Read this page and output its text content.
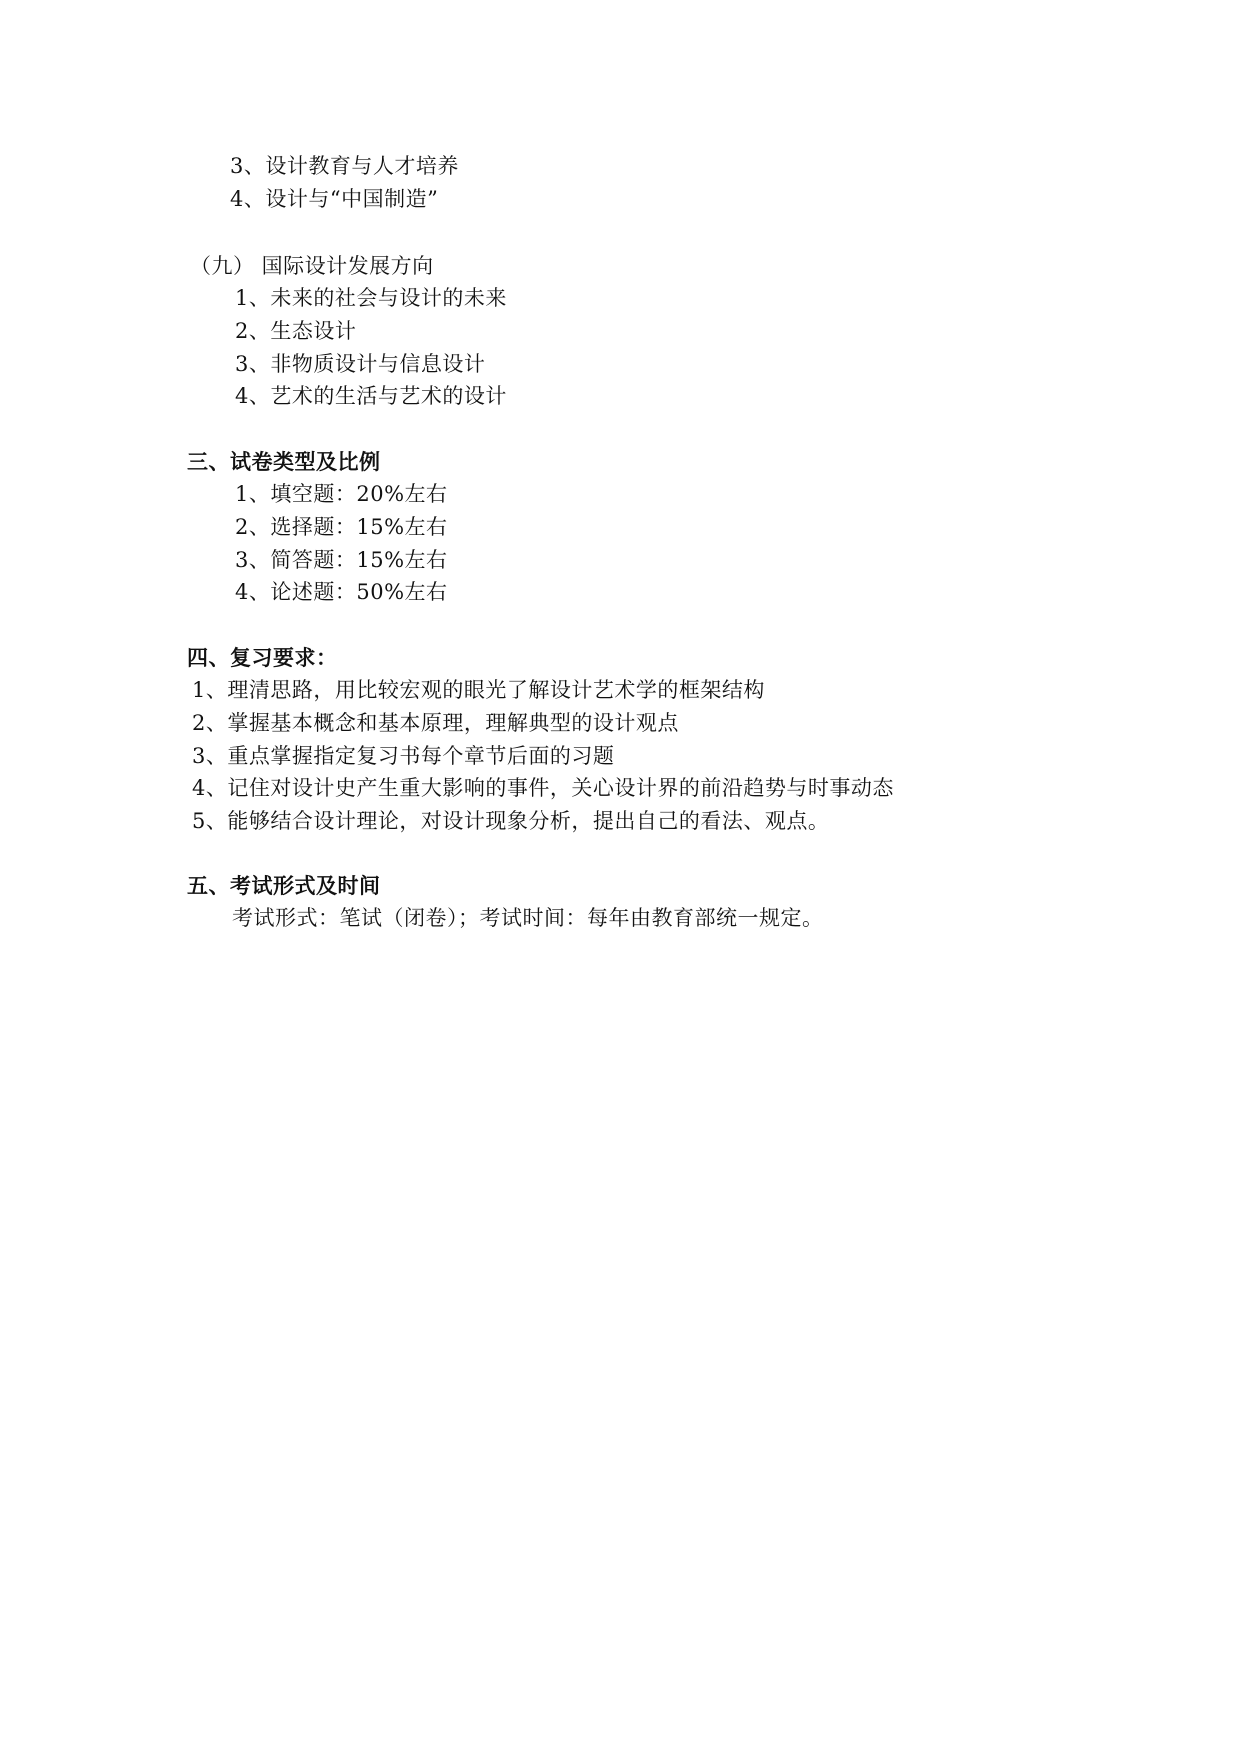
3、设计教育与人才培养
4、设计与“中国制造”
（九） 国际设计发展方向
1、未来的社会与设计的未来
2、生态设计
3、非物质设计与信息设计
4、艺术的生活与艺术的设计
三、试卷类型及比例
1、填空题：20%左右
2、选择题：15%左右
3、简答题：15%左右
4、论述题：50%左右
四、复习要求：
1、理清思路，用比较宏观的眼光了解设计艺术学的框架结构
2、掌握基本概念和基本原理，理解典型的设计观点
3、重点掌握指定复习书每个章节后面的习题
4、记住对设计史产生重大影响的事件，关心设计界的前沿趋势与时事动态
5、能够结合设计理论，对设计现象分析，提出自己的看法、观点。
五、考试形式及时间
考试形式：笔试（闭卷）；考试时间：每年由教育部统一规定。
